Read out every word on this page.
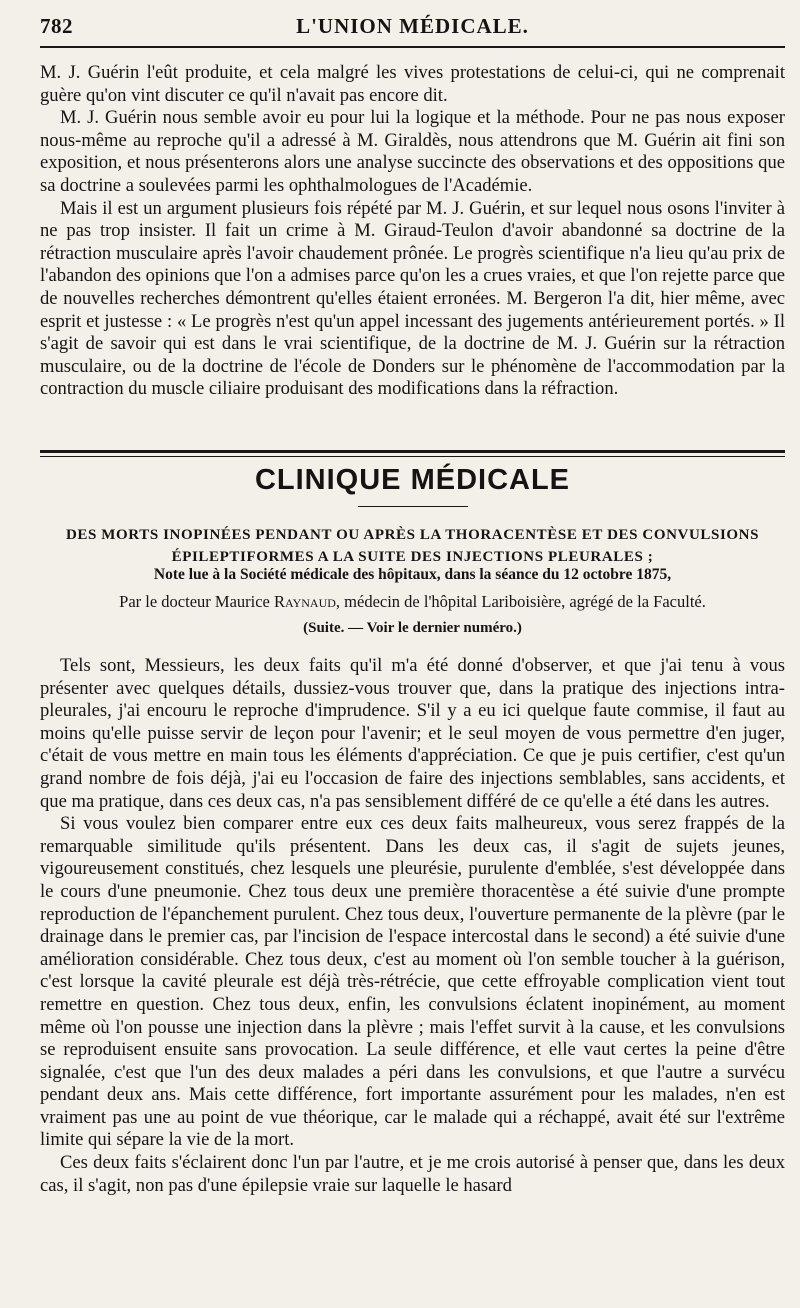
782	L'UNION MÉDICALE.

M. J. Guérin l'eût produite, et cela malgré les vives protestations de celui-ci, qui ne comprenait guère qu'on vint discuter ce qu'il n'avait pas encore dit.

M. J. Guérin nous semble avoir eu pour lui la logique et la méthode. Pour ne pas nous exposer nous-même au reproche qu'il a adressé à M. Giraldès, nous attendrons que M. Guérin ait fini son exposition, et nous présenterons alors une analyse succincte des observations et des oppositions que sa doctrine a soulevées parmi les ophthalmologues de l'Académie.

Mais il est un argument plusieurs fois répété par M. J. Guérin, et sur lequel nous osons l'inviter à ne pas trop insister. Il fait un crime à M. Giraud-Teulon d'avoir abandonné sa doctrine de la rétraction musculaire après l'avoir chaudement prônée. Le progrès scientifique n'a lieu qu'au prix de l'abandon des opinions que l'on a admises parce qu'on les a crues vraies, et que l'on rejette parce que de nouvelles recherches démontrent qu'elles étaient erronées. M. Bergeron l'a dit, hier même, avec esprit et justesse : « Le progrès n'est qu'un appel incessant des jugements antérieurement portés. » Il s'agit de savoir qui est dans le vrai scientifique, de la doctrine de M. J. Guérin sur la rétraction musculaire, ou de la doctrine de l'école de Donders sur le phénomène de l'accommodation par la contraction du muscle ciliaire produisant des modifications dans la réfraction.

CLINIQUE MÉDICALE
DES MORTS INOPINÉES PENDANT OU APRÈS LA THORACENTÈSE ET DES CONVULSIONS
ÉPILEPTIFORMES A LA SUITE DES INJECTIONS PLEURALES ;
Note lue à la Société médicale des hôpitaux, dans la séance du 12 octobre 1875,
Par le docteur Maurice Raynaud, médecin de l'hôpital Lariboisière, agrégé de la Faculté.
(Suite. — Voir le dernier numéro.)

Tels sont, Messieurs, les deux faits qu'il m'a été donné d'observer, et que j'ai tenu à vous présenter avec quelques détails, dussiez-vous trouver que, dans la pratique des injections intra-pleurales, j'ai encouru le reproche d'imprudence. S'il y a eu ici quelque faute commise, il faut au moins qu'elle puisse servir de leçon pour l'avenir; et le seul moyen de vous permettre d'en juger, c'était de vous mettre en main tous les éléments d'appréciation. Ce que je puis certifier, c'est qu'un grand nombre de fois déjà, j'ai eu l'occasion de faire des injections semblables, sans accidents, et que ma pratique, dans ces deux cas, n'a pas sensiblement différé de ce qu'elle a été dans les autres.

Si vous voulez bien comparer entre eux ces deux faits malheureux, vous serez frappés de la remarquable similitude qu'ils présentent. Dans les deux cas, il s'agit de sujets jeunes, vigoureusement constitués, chez lesquels une pleurésie, purulente d'emblée, s'est développée dans le cours d'une pneumonie. Chez tous deux une première thoracentèse a été suivie d'une prompte reproduction de l'épanchement purulent. Chez tous deux, l'ouverture permanente de la plèvre (par le drainage dans le premier cas, par l'incision de l'espace intercostal dans le second) a été suivie d'une amélioration considérable. Chez tous deux, c'est au moment où l'on semble toucher à la guérison, c'est lorsque la cavité pleurale est déjà très-rétrécie, que cette effroyable complication vient tout remettre en question. Chez tous deux, enfin, les convulsions éclatent inopinément, au moment même où l'on pousse une injection dans la plèvre ; mais l'effet survit à la cause, et les convulsions se reproduisent ensuite sans provocation. La seule différence, et elle vaut certes la peine d'être signalée, c'est que l'un des deux malades a péri dans les convulsions, et que l'autre a survécu pendant deux ans. Mais cette différence, fort importante assurément pour les malades, n'en est vraiment pas une au point de vue théorique, car le malade qui a réchappé, avait été sur l'extrême limite qui sépare la vie de la mort.

Ces deux faits s'éclairent donc l'un par l'autre, et je me crois autorisé à penser que, dans les deux cas, il s'agit, non pas d'une épilepsie vraie sur laquelle le hasard
